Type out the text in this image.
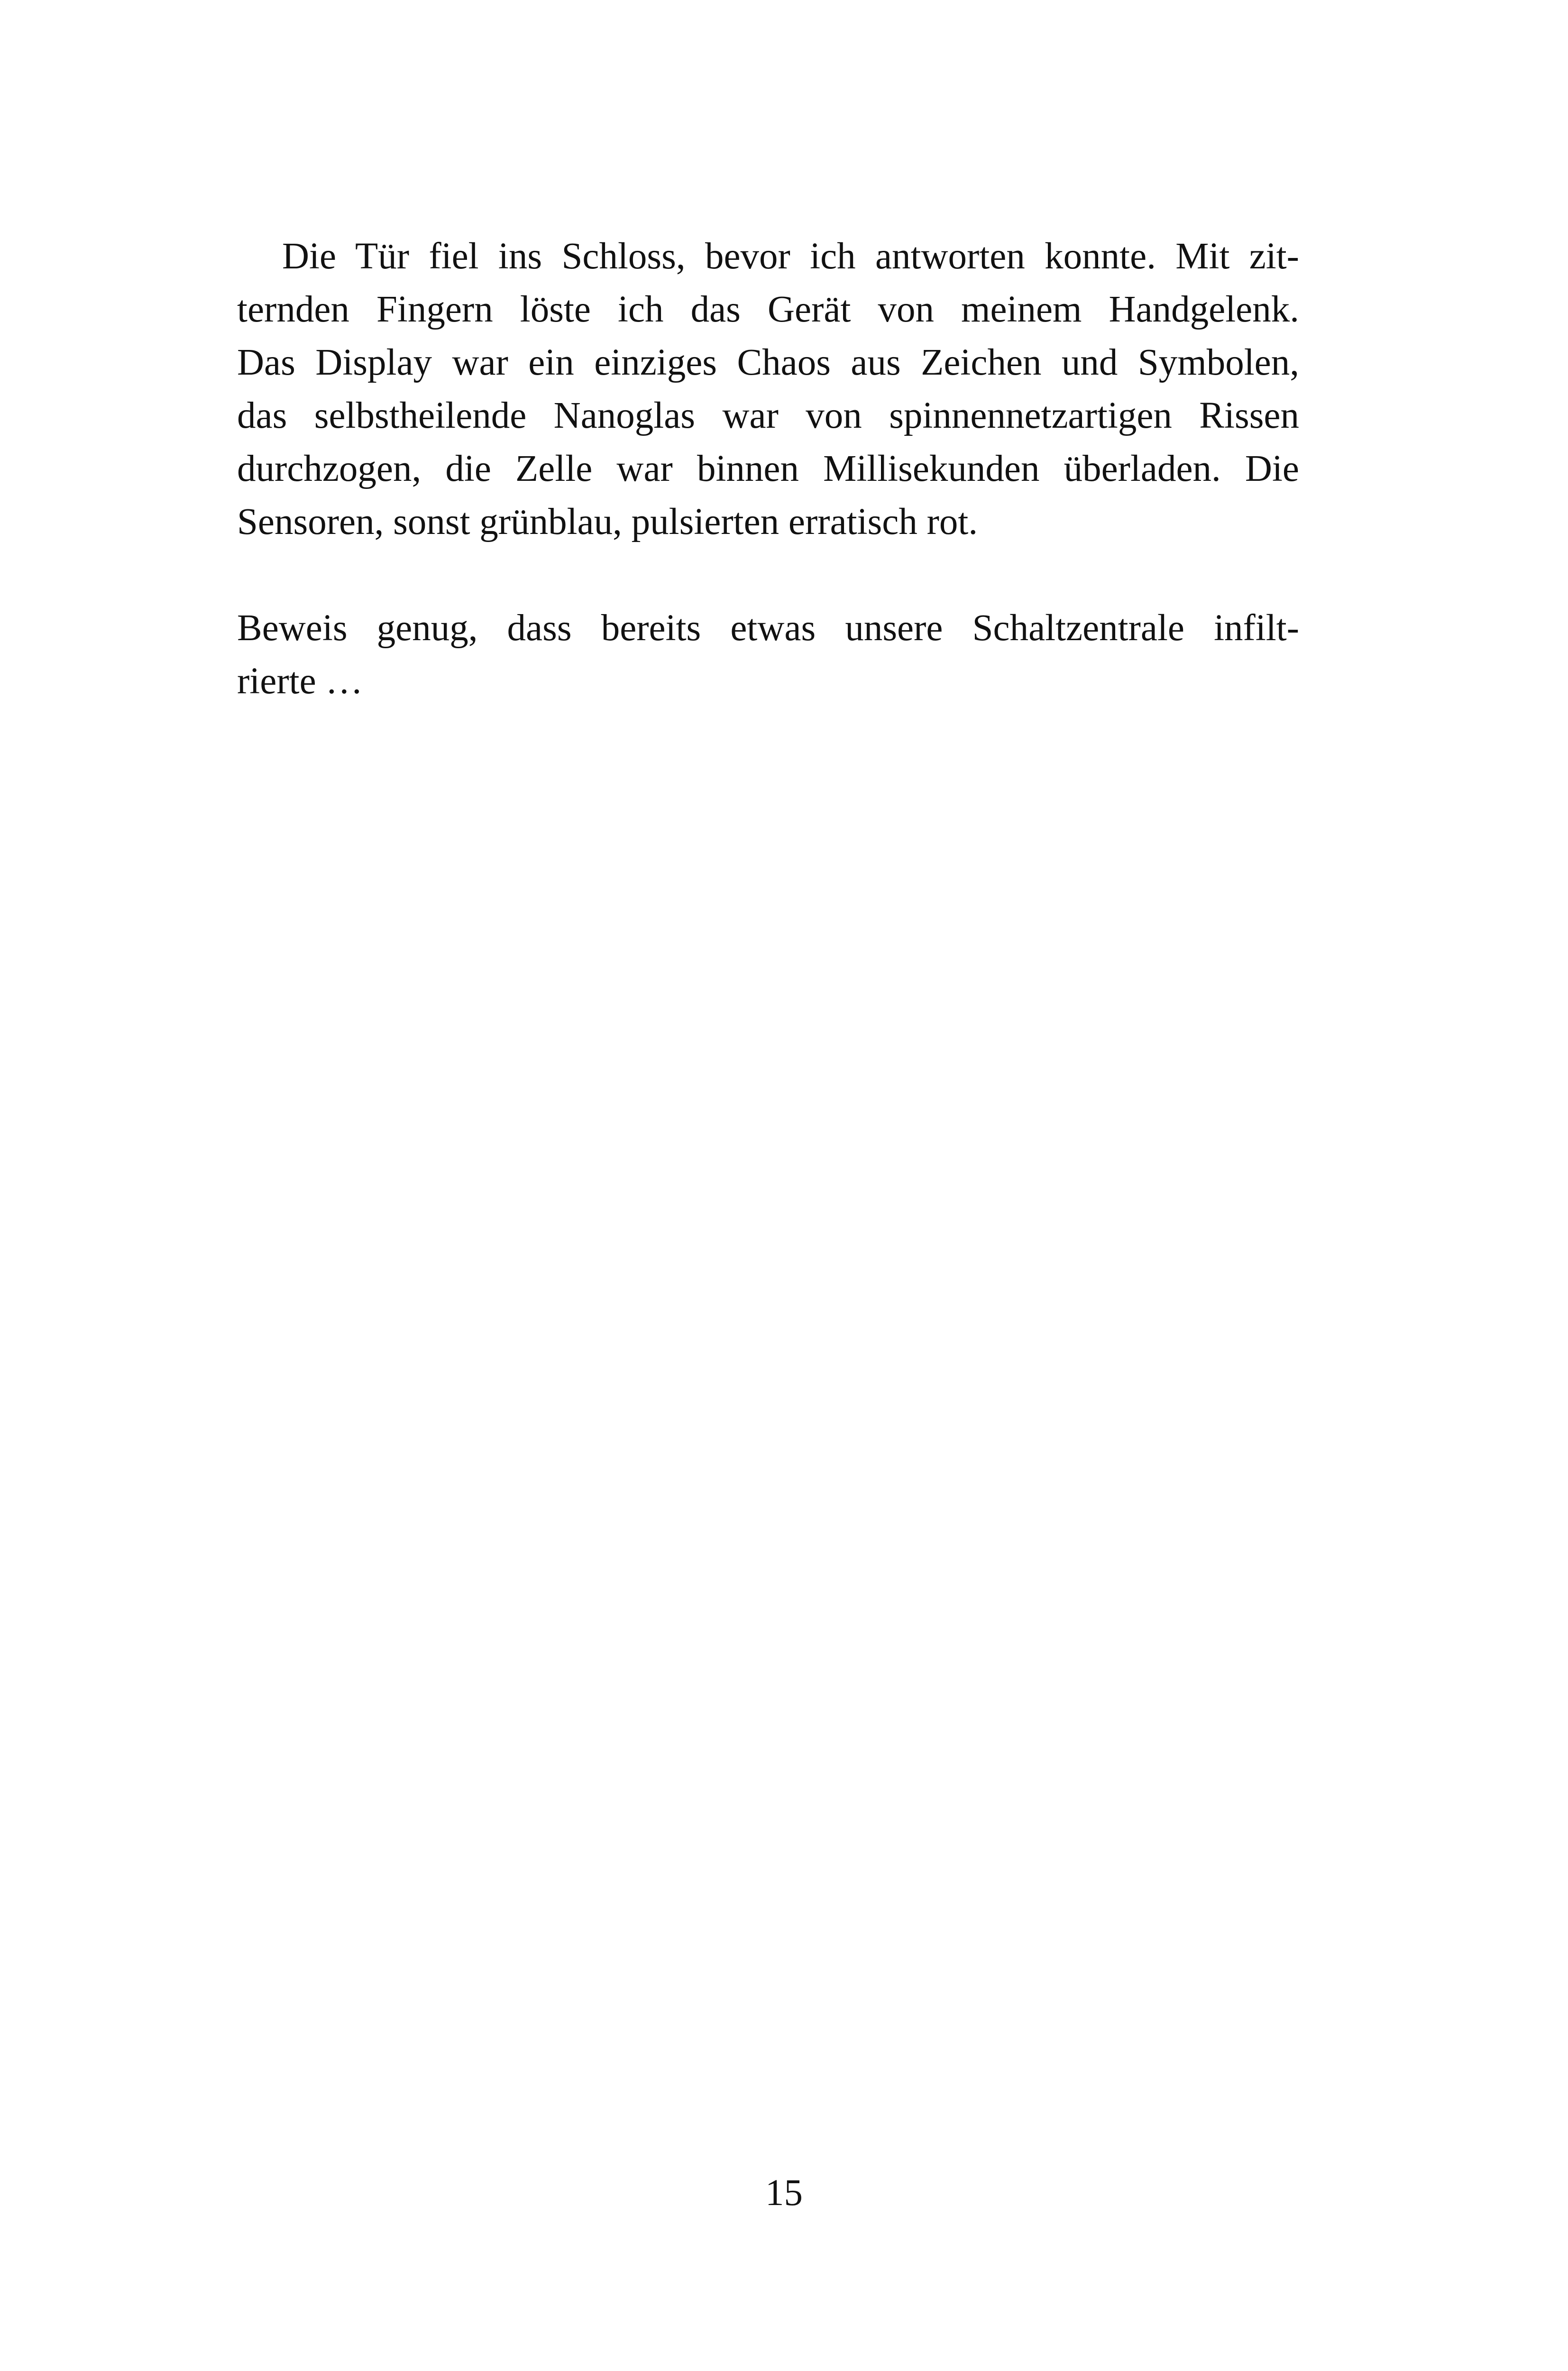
Die Tür fiel ins Schloss, bevor ich antworten konnte. Mit zit-
ternden Fingern löste ich das Gerät von meinem Handgelenk.
Das Display war ein einziges Chaos aus Zeichen und Symbolen,
das selbstheilende Nanoglas war von spinnennetzartigen Rissen
durchzogen, die Zelle war binnen Millisekunden überladen. Die
Sensoren, sonst grünblau, pulsierten erratisch rot.
Beweis genug, dass bereits etwas unsere Schaltzentrale infilt-
rierte …
15
